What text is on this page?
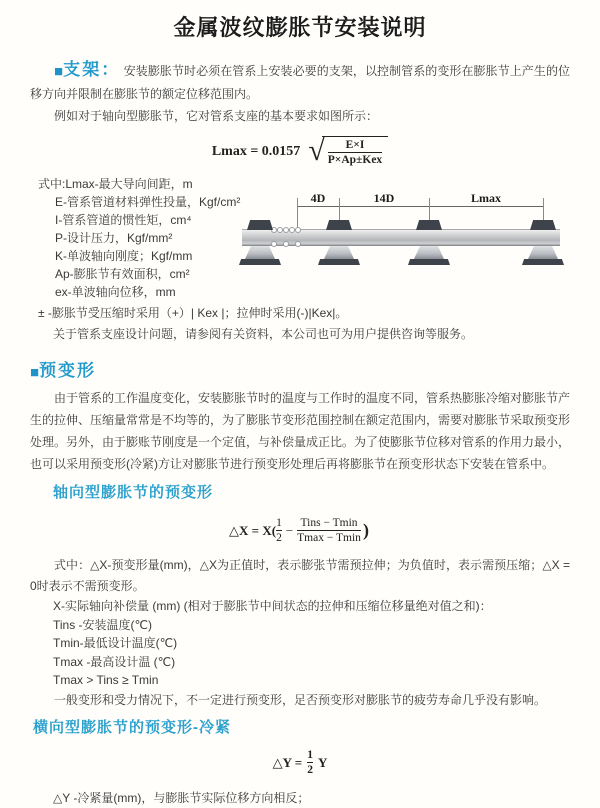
金属波纹膨胀节安装说明

■支架： 安装膨胀节时必须在管系上安装必要的支架，以控制管系的变形在膨胀节上产生的位移方向并限制在膨胀节的额定位移范围内。

例如对于轴向型膨胀节，它对管系支座的基本要求如图所示：

Lmax = 0.0157 √ $\frac{E\times I}{\text{P×Ap±Kex}}$
式中:Lmax-最大导向间距，m
E-管系管道材料弹性投量，Kgf/cm²
I-管系管道的惯性矩，cm⁴
P-设计压力，Kgf/mm²
K-单波轴向刚度；Kgf/mm
Ap-膨胀节有效面积，cm²
ex-单波轴向位移，mm
± -膨胀节受压缩时采用（+）| Kex |；拉伸时采用(-)|Kex|。
关于管系支座设计问题，请参阅有关资料，本公司也可为用户提供咨询等服务。
■预变形

由于管系的工作温度变化，安装膨胀节时的温度与工作时的温度不同，管系热膨胀冷缩对膨胀节产生的拉伸、压缩量常常是不均等的，为了膨胀节变形范围控制在额定范围内，需要对膨胀节采取预变形处理。另外，由于膨账节刚度是一个定值，与补偿量成正比。为了使膨胀节位移对管系的作用力最小，也可以采用预变形(冷紧)方让对膨胀节进行预变形处理后再将膨胀节在预变形状态下安装在管系中。

轴向型膨胀节的预变形
△X = $X( \frac{1}{2} - \frac{\text{Tins − Tmin}}{Tmax - Tmin}$ )

式中：△X-预变形量(mm)，△X为正值时，表示膨张节需预拉伸；为负值时，表示需预压缩；△X = 0时表示不需预变形。

X-实际轴向补偿量 (mm) (相对于膨胀节中间状态的拉伸和压缩位移量绝对值之和)：
Tins -安装温度(℃)
Tmin-最低设计温度(℃)
Tmax -最高设计温 (℃)
Tmax > Tins ≥ Tmin
一般变形和受力情况下，不一定进行预变形，足否预变形对膨胀节的疲劳寿命几乎没有影响。
横向型膨胀节的预变形-冷紧
△Y = $\frac{1}{2}$ Y
△Y -冷紧量(mm)，与膨胀节实际位移方向相反；
4D	14D	Lmax
